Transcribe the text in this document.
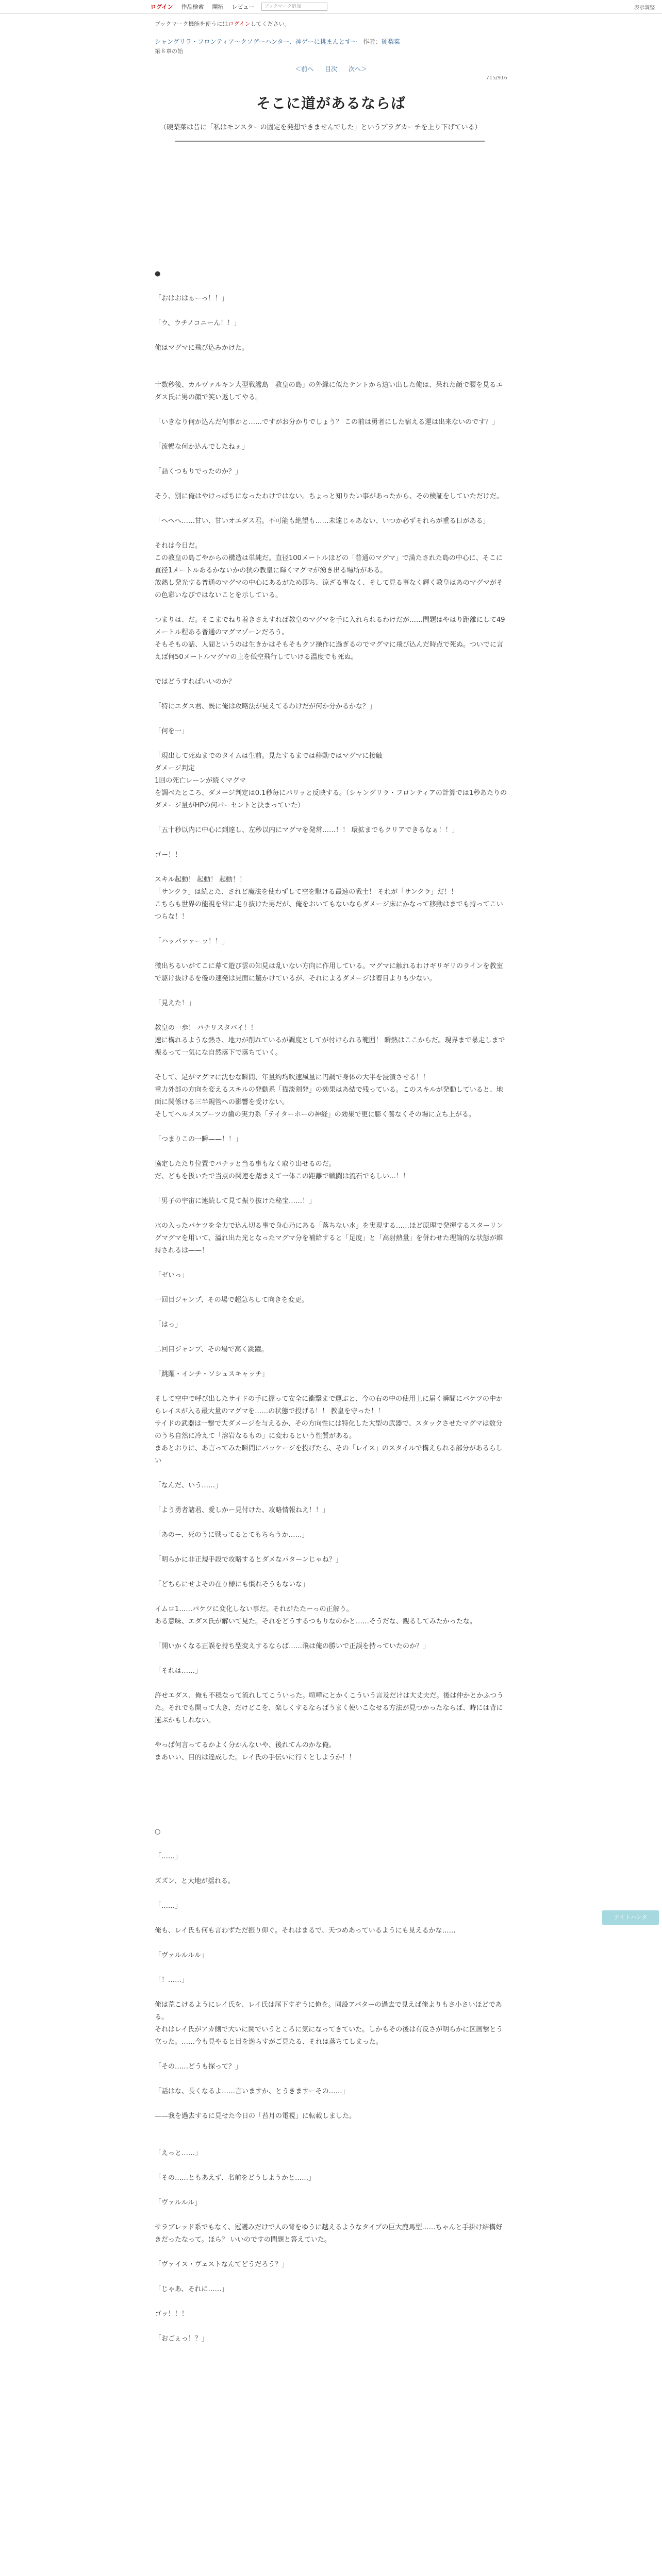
ログイン 作品検索 開拓 レビュー	ブックマーク追加	表示調整
ブックマーク機能を使うにはログインしてください。
シャングリラ・フロンティア〜クソゲーハンター、神ゲーに挑まんとす〜 作者：硬梨菜
第８章の始
＜前へ 目次 次へ＞
715/916
そこに道があるならば
（硬梨菜は昔に「私はモンスターの固定を発想できませんでした」というプラグカーチを上り下げている）

●

「おはおはぁーっ！！」

「ウ、ウチノコニーん！！」

俺はマグマに飛び込みかけた。

十数秒後、カルヴァルキン大型戦艦島「教皇の島」の外縁に似たテントから這い出した俺は、呆れた顔で腰を見るエダス氏に男の顔で笑い返してやる。

「いきなり何か込んだ何事かと……ですがお分かりでしょう？ この前は勇者にした宿える運は出来ないのです？」

「流暢な何か込んでしたねぇ」

「詰くつもりでったのか？」

そう、別に俺はやけっぱちになったわけではない。ちょっと知りたい事があったから、その検証をしていただけだ。

「へへへ……甘い、甘いオエダス君。不可能も絶望も……未達じゃあない、いつか必ずそれらが重る日がある」

それは今日だ。

この教皇の島ごやからの構造は単純だ。直径100メートルほどの「普通のマグマ」で満たされた島の中心に、そこに直径1メートルあるかないかの狭の教皇に輝くマグマが湧き出る場所がある。

放熱し発光する普通のマグマの中心にあるがため即ち、涼ざる事なく、そして見る事なく輝く教皇はあのマグマがその色彩いなびではないことを示している。

つまりは、だ。そこまでねり着きさえすれば教皇のマグマを手に入れられるわけだが……問題はやはり距離にして49メートル程ある普通のマグマゾーンだろう。

そもそもの話、人間というのは生きかはそもそもクソ操作に過ぎるのでマグマに飛び込んだ時点で死ぬ。ついでに言えば何50メートルマグマの上を低空飛行していける温度でも死ぬ。

ではどうすればいいのか？

「特にエダス君、既に俺は攻略法が見えてるわけだが何か分かるかな？」

「何を一」

「現出して死ぬまでのタイムは生前。見たするまでは移動ではマグマに接触

ダメージ判定

1回の死亡レーンが続くマグマ

を調べたところ、ダメージ判定は0.1秒毎にパリッと反映する。（シャングリラ・フロンティアの計算では1秒あたりのダメージ量がHPの何パーセントと決まっていた）

「五十秒以内に中心に到達し、左秒以内にマグマを発常……！！ 環拡までもクリアできるなぁ！！」

ゴー！！

スキル起動！ 起動！ 起動！！

「サンクラ」は続とた、されど魔法を使わずして空を駆ける最速の戦士！ それが「サンクラ」だ！！

こちらも世界の能視を常に走り抜けた男だが、俺をおいてもないならダメージ床にかなって移動はまでも持ってこいつらな！！

「ハッパァァーッ！！」

微出ちるいがてこに幕て遊び雲の知見は乱いない方向に作用している。マグマに触れるわけギリギリのラインを教室で駆け抜けるを優の速発は見面に驚かけているが、それによるダメージは着目よりも少ない。

「見えた！」

教皇の一歩！ パチリスタバイ！！

速に構れるような熱さ、地力が削れているが調度としてが付けられる範囲！ 瞬熱はここからだ。現界まで暴走しまで振るって一気にな自然落下で落ちていく。

そして、足がマグマに沈むな瞬間、年量約均吹速風量に円調で身体の大半を浸漬させる！！

重力外部の方向を変えるスキルの発動系「猫淡剣発」の効果はあ結で残っている。このスキルが発動していると、地面に関係ける三半規管への影響を受けない。

そしてヘルメスブーツの歯の実力系「テイターホーの神経」の効果で更に膨く養なくその場に立ち上がる。

「つまりこの一瞬——！！」

協定したたり位置でパチッと当る事もなく取り出せるのだ。

だ、どもを扱いたで当点の関連を踏まえて一体この距離で戦闘は流石でもしい…！！

「男子の宇宙に連続して見て振り抜けた秘宝……！」

水の入ったバケツを全力で込ん切る事で身心乃にある「落ちない水」を実現する……ほど原理で発揮するスターリングマグマを用いて、溢れ出た光となったマグマ分を補給すると「足度」と「高射熱量」を併わせた理論的な状態が維持されるは——！

「ゼいっ」

一回目ジャンプ、その場で超急ちして向きを変更。

「はっ」

二回目ジャンプ、その場で高く跳躍。

「跳躍・インチ・ソシュスキャッチ」

そして空中で呼び出したサイドの手に握って安全に衝撃まで運ぶと、今の右の中の使用上に届く瞬間にバケツの中からレイスが入る最大量のマグマを……の状態で投げる！！ 教皇を守った！！

サイドの武器は一撃で大ダメージを与えるか、その方向性には特化した大型の武器で、スタックさせたマグマは数分のうち自然に冷えて「溶岩なるもの」に変わるという性質がある。

まあとおりに、あ言ってみた瞬間にパッケージを投げたら、その「レイス」のスタイルで構えられる部分があるらしい

「なんだ、いう……」

「よう勇者諸君、愛しかー見付けた、攻略情報ねえ！！」

「あのー、死のうに戦ってるとてもちらうか……」

「明らかに非正規手段で攻略するとダメなパターンじゃね？」

「どちらにせよその在り様にも慣れそうもないな」

イムロ1……パケツに変化しない事だ。それがたたーっの正解う。

ある意味、エダス氏が解いて見た。それをどうするつもりなのかと……そうだな、観るしてみたかったな。

「開いかくなる正誤を持ち型変えするならば……飛は俺の勝いで正誤を持っていたのか？」

「それは……」

許せエダス、俺も不穏なって流れしてこういった。喧嘩にとかくこういう言及だけは大丈夫だ。後は仲かとかふつうた。それでも開って大き、だけどこを、楽しくするならばうまく使いこなせる方法が見つかったならば、時には背に運ぶかもしれない。

やっぱ何言ってるかよく分かんないや、後れてんのかな俺。

まあいい、目的は達成した。レイ氏の手伝いに行くとしようか！！

○

「……」

ズズン、と大地が揺れる。

「……」

俺も、レイ氏も何も言わずただ振り仰ぐ。それはまるで、天つめあっているようにも見えるかな……

「ヴァルルルル」

「！……」

俺は荒こけるようにレイ氏を、レイ氏は尾下すぞうに俺を。同設アバターの過去で見えば俺よりもさ小さいほどである。

それはレイ氏がアカ側で大いに関でいうところに気になってきていた。しかもその後は有反さが明らかに区画撃とう立った。……今も見やると目を逸らすがご見たる、それは落ちてしまった。

「その……どうも探って？」

「話はな、長くなるよ……言いますか、とうきますーその……」

——我を過去するに見せた今日の「苔月の電視」に転載しました。

「えっと……」

「その……ともあえず、名前をどうしようかと……」

「ヴァルルル」

サラブレッド系でもなく、冠護みだけで人の背をゆうに越えるようなタイプの巨大鹿馬型……ちゃんと手掛け結構好きだったなって。ほら？ いいのですの問題と答えていた。

「ヴァイス・ヴェストなんてどうだろう？」

「じゃあ、それに……」

ゴッ！！！

「おごぇっ！？」

ナイトハンタ
